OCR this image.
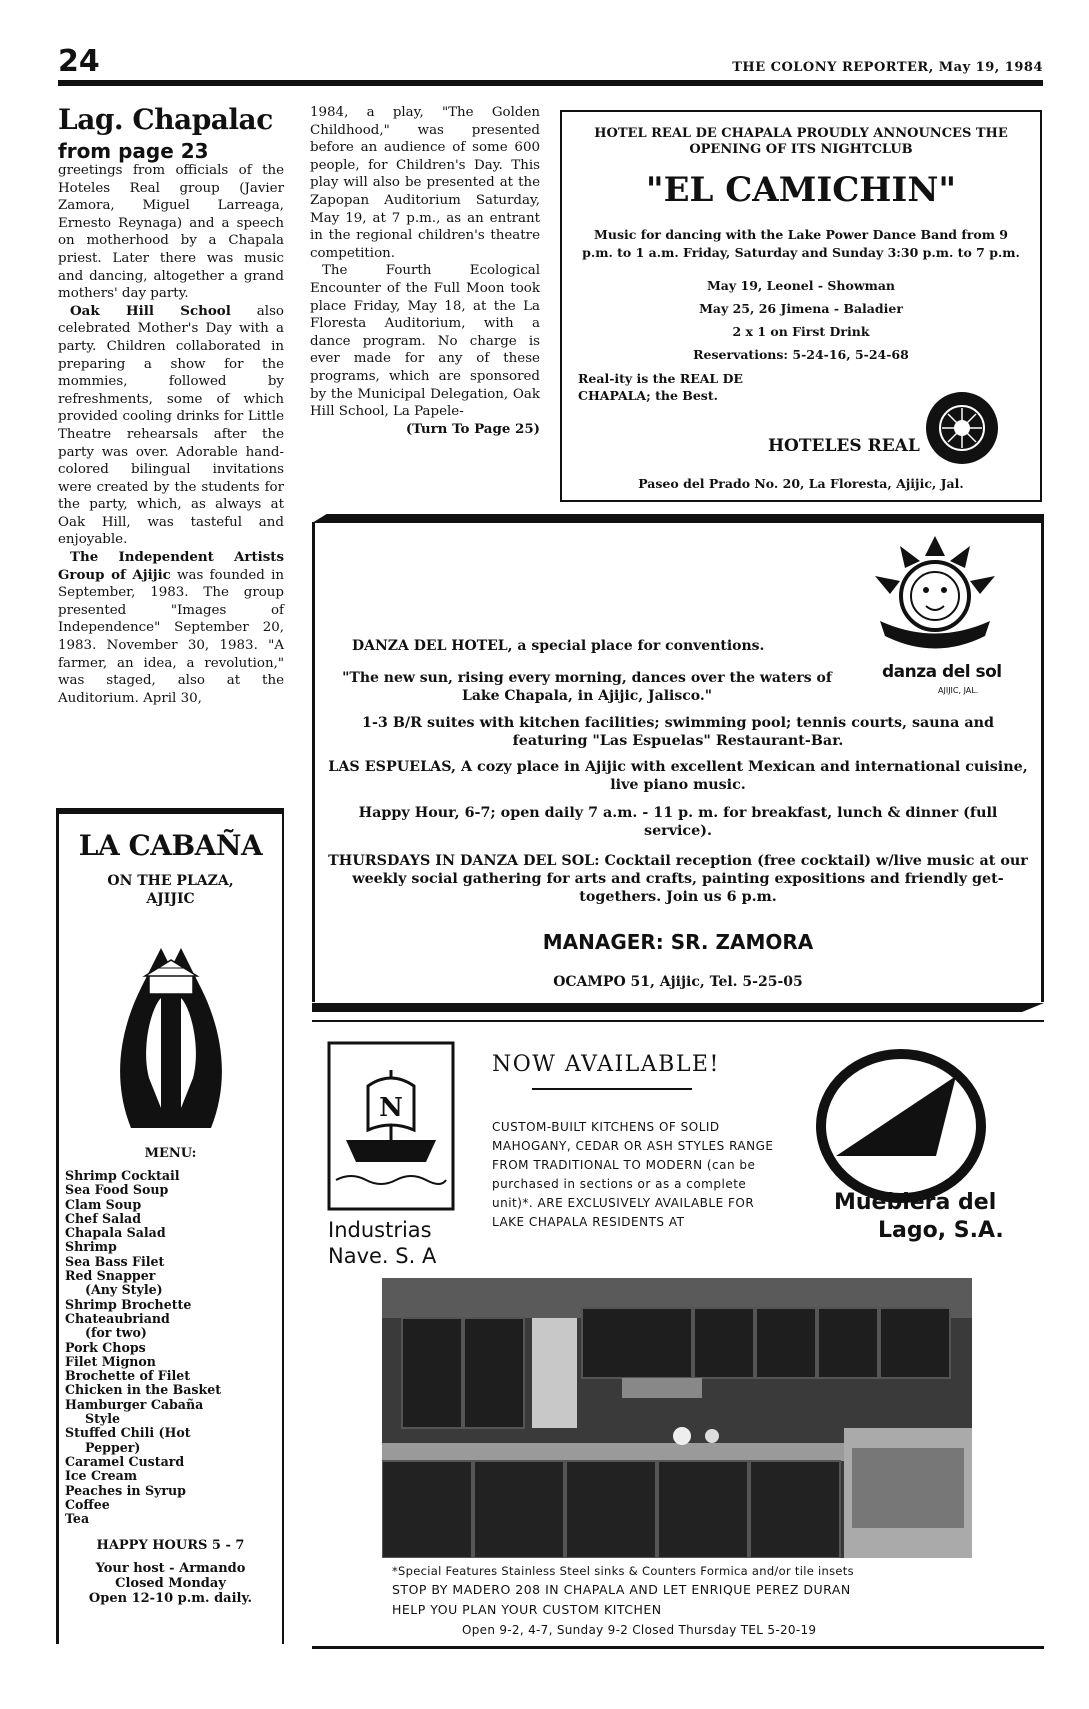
24	THE COLONY REPORTER, May 19, 1984
Lag. Chapalac
from page 23

greetings from officials of the Hoteles Real group (Javier Zamora, Miguel Larreaga, Ernesto Reynaga) and a speech on motherhood by a Chapala priest. Later there was music and dancing, altogether a grand mothers' day party.

Oak Hill School also celebrated Mother's Day with a party. Children collaborated in preparing a show for the mommies, followed by refreshments, some of which provided cooling drinks for Little Theatre rehearsals after the party was over. Adorable hand-colored bilingual invitations were created by the students for the party, which, as always at Oak Hill, was tasteful and enjoyable.

The Independent Artists Group of Ajijic was founded in September, 1983. The group presented "Images of Independence" September 20, 1983. November 30, 1983. "A farmer, an idea, a revolution," was staged, also at the Auditorium. April 30,

1984, a play, "The Golden Childhood," was presented before an audience of some 600 people, for Children's Day. This play will also be presented at the Zapopan Auditorium Saturday, May 19, at 7 p.m., as an entrant in the regional children's theatre competition.

The Fourth Ecological Encounter of the Full Moon took place Friday, May 18, at the La Floresta Auditorium, with a dance program. No charge is ever made for any of these programs, which are sponsored by the Municipal Delegation, Oak Hill School, La Papele-

(Turn To Page 25)

HOTEL REAL DE CHAPALA PROUDLY ANNOUNCES THE OPENING OF ITS NIGHTCLUB
"EL CAMICHIN"
Music for dancing with the Lake Power Dance Band from 9 p.m. to 1 a.m. Friday, Saturday and Sunday 3:30 p.m. to 7 p.m.
May 19, Leonel - Showman
May 25, 26 Jimena - Baladier
2 x 1 on First Drink
Reservations: 5-24-16, 5-24-68
Real-ity is the REAL DE CHAPALA; the Best.
HOTELES REAL
Paseo del Prado No. 20, La Floresta, Ajijic, Jal.
danza del sol
AJIJIC, JAL.
DANZA DEL HOTEL, a special place for conventions.
"The new sun, rising every morning, dances over the waters of Lake Chapala, in Ajijic, Jalisco."
1-3 B/R suites with kitchen facilities; swimming pool; tennis courts, sauna and featuring "Las Espuelas" Restaurant-Bar.
LAS ESPUELAS, A cozy place in Ajijic with excellent Mexican and international cuisine, live piano music.
Happy Hour, 6-7; open daily 7 a.m. - 11 p. m. for breakfast, lunch & dinner (full service).
THURSDAYS IN DANZA DEL SOL: Cocktail reception (free cocktail) w/live music at our weekly social gathering for arts and crafts, painting expositions and friendly get-togethers. Join us 6 p.m.
MANAGER: SR. ZAMORA
OCAMPO 51, Ajijic, Tel. 5-25-05
LA CABAÑA
ON THE PLAZA,
AJIJIC
MENU:
Shrimp Cocktail
Sea Food Soup
Clam Soup
Chef Salad
Chapala Salad
Shrimp
Sea Bass Filet
Red Snapper
(Any Style)
Shrimp Brochette
Chateaubriand
(for two)
Pork Chops
Filet Mignon
Brochette of Filet
Chicken in the Basket
Hamburger Cabaña
Style
Stuffed Chili (Hot
Pepper)
Caramel Custard
Ice Cream
Peaches in Syrup
Coffee
Tea
HAPPY HOURS 5 - 7
Your host - Armando
Closed Monday
Open 12-10 p.m. daily.
N
Industrias
Nave. S. A
NOW AVAILABLE!
CUSTOM-BUILT KITCHENS OF SOLID MAHOGANY, CEDAR OR ASH STYLES RANGE FROM TRADITIONAL TO MODERN (can be purchased in sections or as a complete unit)*. ARE EXCLUSIVELY AVAILABLE FOR LAKE CHAPALA RESIDENTS AT
Mueblera del
Lago, S.A.
*Special Features Stainless Steel sinks & Counters Formica and/or tile insets
STOP BY MADERO 208 IN CHAPALA AND LET ENRIQUE PEREZ DURAN
HELP YOU PLAN YOUR CUSTOM KITCHEN
Open 9-2, 4-7, Sunday 9-2 Closed Thursday TEL 5-20-19
